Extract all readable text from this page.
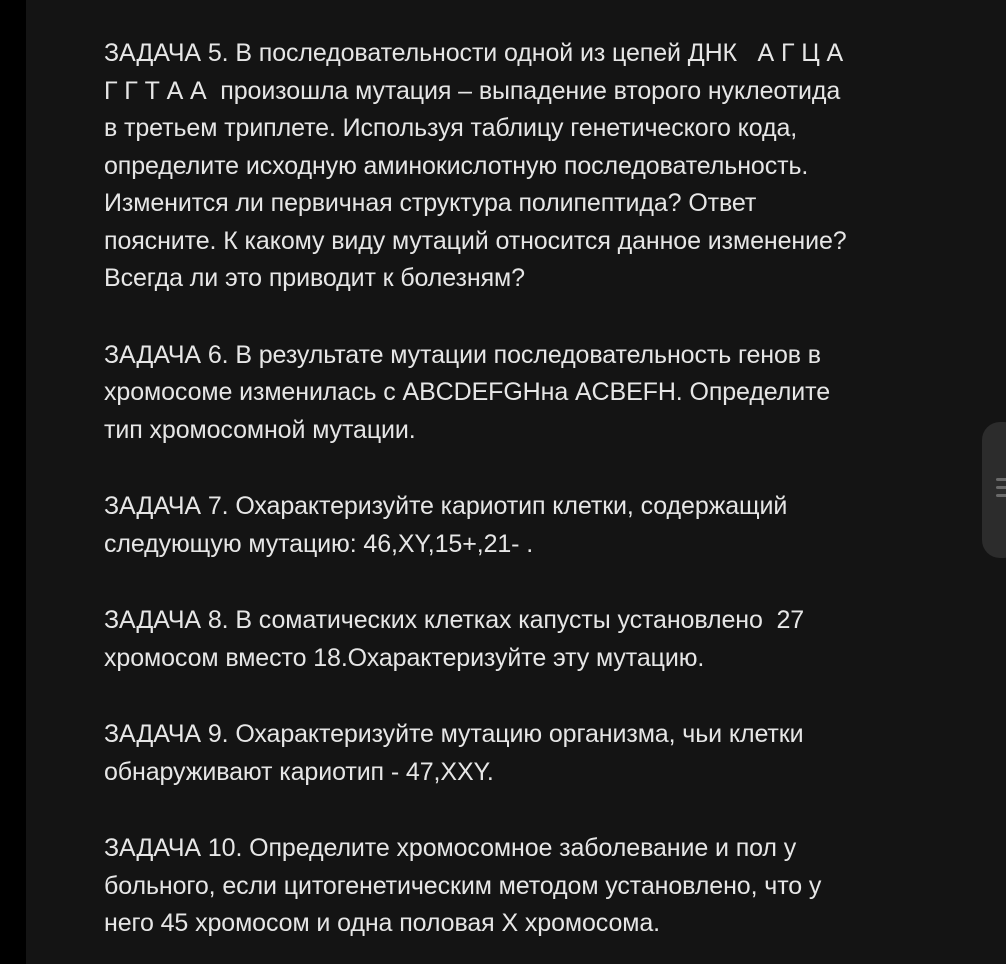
ЗАДАЧА 5. В последовательности одной из цепей ДНК   А Г Ц А
Г Г Т А А  произошла мутация – выпадение второго нуклеотида
в третьем триплете. Используя таблицу генетического кода,
определите исходную аминокислотную последовательность.
Изменится ли первичная структура полипептида? Ответ
поясните. К какому виду мутаций относится данное изменение?
Всегда ли это приводит к болезням?
ЗАДАЧА 6. В результате мутации последовательность генов в
хромосоме изменилась с ABCDEFGHна ACBEFH. Определите
тип хромосомной мутации.
ЗАДАЧА 7. Охарактеризуйте кариотип клетки, содержащий
следующую мутацию: 46,XY,15+,21- .
ЗАДАЧА 8. В соматических клетках капусты установлено  27
хромосом вместо 18.Охарактеризуйте эту мутацию.
ЗАДАЧА 9. Охарактеризуйте мутацию организма, чьи клетки
обнаруживают кариотип - 47,XXY.
ЗАДАЧА 10. Определите хромосомное заболевание и пол у
больного, если цитогенетическим методом установлено, что у
него 45 хромосом и одна половая Х хромосома.
